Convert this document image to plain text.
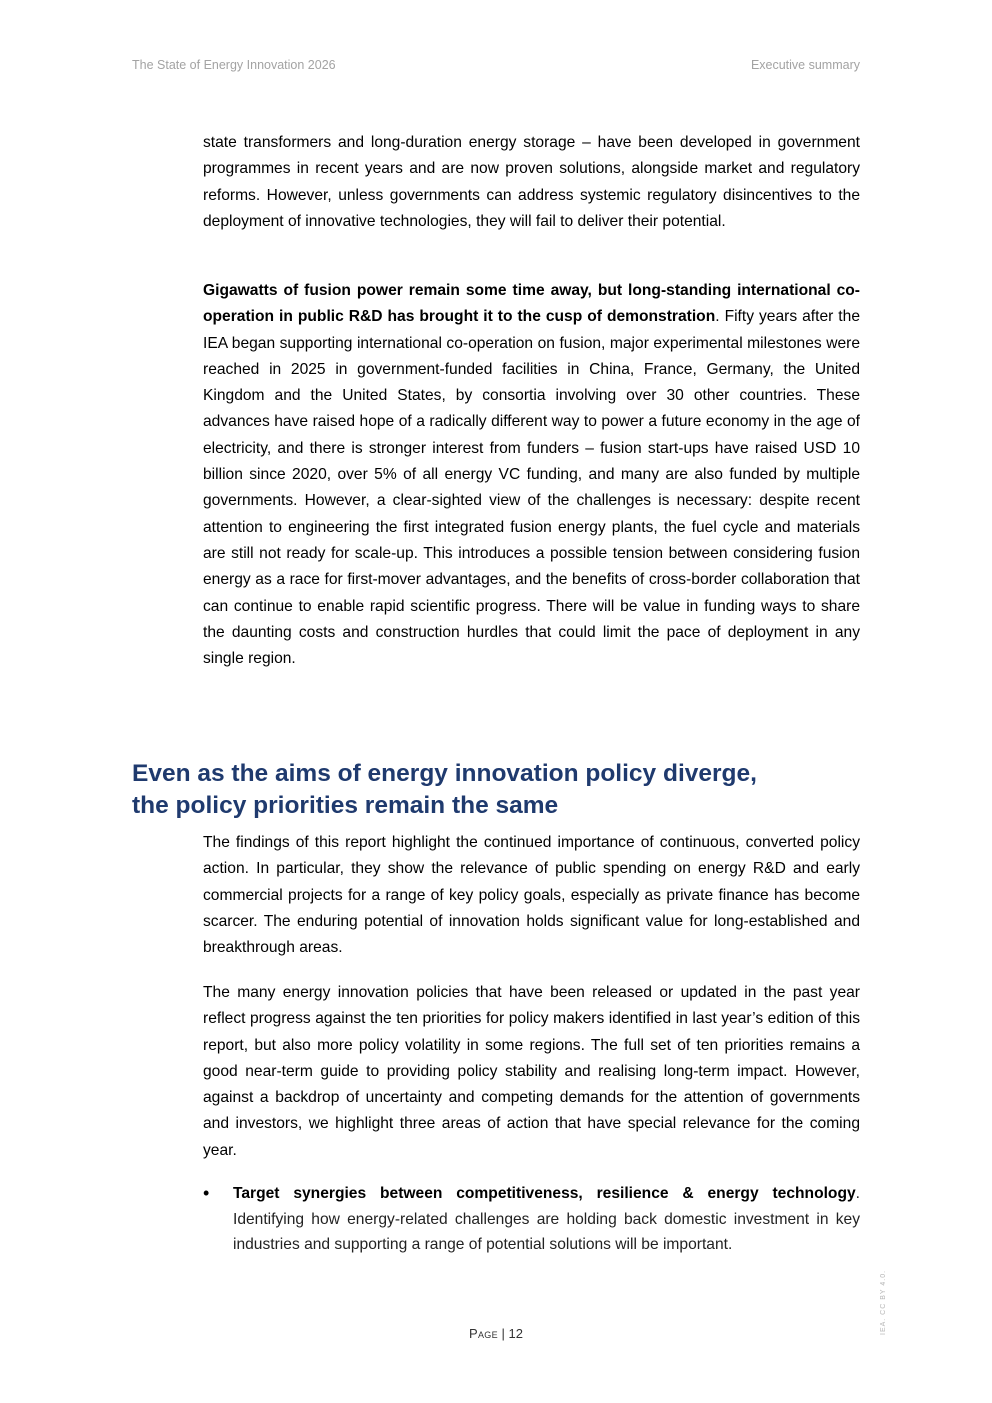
The State of Energy Innovation 2026	Executive summary

state transformers and long-duration energy storage – have been developed in government programmes in recent years and are now proven solutions, alongside market and regulatory reforms. However, unless governments can address systemic regulatory disincentives to the deployment of innovative technologies, they will fail to deliver their potential.

Gigawatts of fusion power remain some time away, but long-standing international co-operation in public R&D has brought it to the cusp of demonstration. Fifty years after the IEA began supporting international co-operation on fusion, major experimental milestones were reached in 2025 in government-funded facilities in China, France, Germany, the United Kingdom and the United States, by consortia involving over 30 other countries. These advances have raised hope of a radically different way to power a future economy in the age of electricity, and there is stronger interest from funders – fusion start-ups have raised USD 10 billion since 2020, over 5% of all energy VC funding, and many are also funded by multiple governments. However, a clear-sighted view of the challenges is necessary: despite recent attention to engineering the first integrated fusion energy plants, the fuel cycle and materials are still not ready for scale-up. This introduces a possible tension between considering fusion energy as a race for first-mover advantages, and the benefits of cross-border collaboration that can continue to enable rapid scientific progress. There will be value in funding ways to share the daunting costs and construction hurdles that could limit the pace of deployment in any single region.

Even as the aims of energy innovation policy diverge,
the policy priorities remain the same

The findings of this report highlight the continued importance of continuous, converted policy action. In particular, they show the relevance of public spending on energy R&D and early commercial projects for a range of key policy goals, especially as private finance has become scarcer. The enduring potential of innovation holds significant value for long-established and breakthrough areas.

The many energy innovation policies that have been released or updated in the past year reflect progress against the ten priorities for policy makers identified in last year’s edition of this report, but also more policy volatility in some regions. The full set of ten priorities remains a good near-term guide to providing policy stability and realising long-term impact. However, against a backdrop of uncertainty and competing demands for the attention of governments and investors, we highlight three areas of action that have special relevance for the coming year.

• Target synergies between competitiveness, resilience & energy technology. Identifying how energy-related challenges are holding back domestic investment in key industries and supporting a range of potential solutions will be important.
Page | 12	IEA. CC BY 4.0.
